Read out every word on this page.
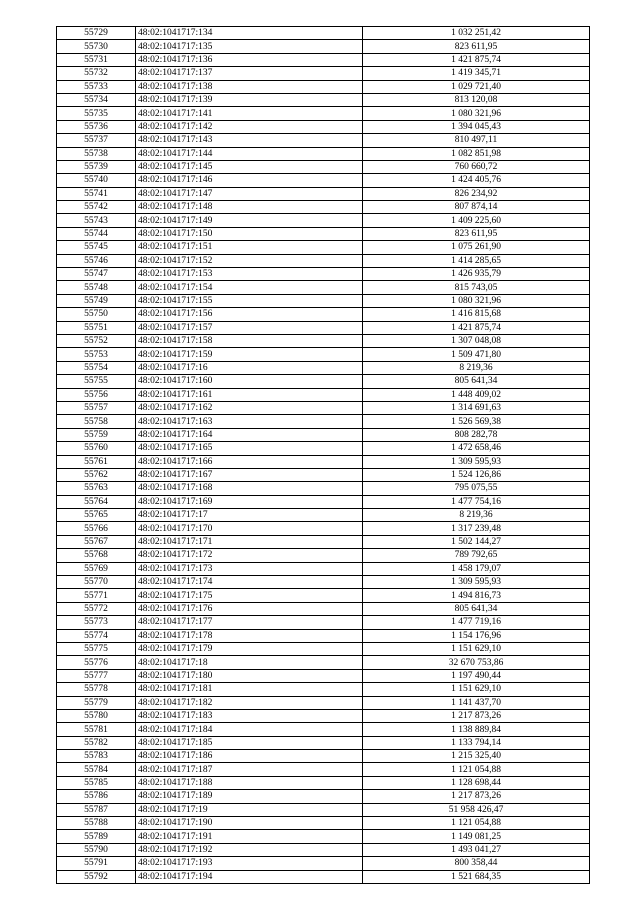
55729	48:02:1041717:134	1 032 251,42
55730	48:02:1041717:135	823 611,95
55731	48:02:1041717:136	1 421 875,74
55732	48:02:1041717:137	1 419 345,71
55733	48:02:1041717:138	1 029 721,40
55734	48:02:1041717:139	813 120,08
55735	48:02:1041717:141	1 080 321,96
55736	48:02:1041717:142	1 394 045,43
55737	48:02:1041717:143	810 497,11
55738	48:02:1041717:144	1 082 851,98
55739	48:02:1041717:145	760 660,72
55740	48:02:1041717:146	1 424 405,76
55741	48:02:1041717:147	826 234,92
55742	48:02:1041717:148	807 874,14
55743	48:02:1041717:149	1 409 225,60
55744	48:02:1041717:150	823 611,95
55745	48:02:1041717:151	1 075 261,90
55746	48:02:1041717:152	1 414 285,65
55747	48:02:1041717:153	1 426 935,79
55748	48:02:1041717:154	815 743,05
55749	48:02:1041717:155	1 080 321,96
55750	48:02:1041717:156	1 416 815,68
55751	48:02:1041717:157	1 421 875,74
55752	48:02:1041717:158	1 307 048,08
55753	48:02:1041717:159	1 509 471,80
55754	48:02:1041717:16	8 219,36
55755	48:02:1041717:160	805 641,34
55756	48:02:1041717:161	1 448 409,02
55757	48:02:1041717:162	1 314 691,63
55758	48:02:1041717:163	1 526 569,38
55759	48:02:1041717:164	808 282,78
55760	48:02:1041717:165	1 472 658,46
55761	48:02:1041717:166	1 309 595,93
55762	48:02:1041717:167	1 524 126,86
55763	48:02:1041717:168	795 075,55
55764	48:02:1041717:169	1 477 754,16
55765	48:02:1041717:17	8 219,36
55766	48:02:1041717:170	1 317 239,48
55767	48:02:1041717:171	1 502 144,27
55768	48:02:1041717:172	789 792,65
55769	48:02:1041717:173	1 458 179,07
55770	48:02:1041717:174	1 309 595,93
55771	48:02:1041717:175	1 494 816,73
55772	48:02:1041717:176	805 641,34
55773	48:02:1041717:177	1 477 719,16
55774	48:02:1041717:178	1 154 176,96
55775	48:02:1041717:179	1 151 629,10
55776	48:02:1041717:18	32 670 753,86
55777	48:02:1041717:180	1 197 490,44
55778	48:02:1041717:181	1 151 629,10
55779	48:02:1041717:182	1 141 437,70
55780	48:02:1041717:183	1 217 873,26
55781	48:02:1041717:184	1 138 889,84
55782	48:02:1041717:185	1 133 794,14
55783	48:02:1041717:186	1 215 325,40
55784	48:02:1041717:187	1 121 054,88
55785	48:02:1041717:188	1 128 698,44
55786	48:02:1041717:189	1 217 873,26
55787	48:02:1041717:19	51 958 426,47
55788	48:02:1041717:190	1 121 054,88
55789	48:02:1041717:191	1 149 081,25
55790	48:02:1041717:192	1 493 041,27
55791	48:02:1041717:193	800 358,44
55792	48:02:1041717:194	1 521 684,35
